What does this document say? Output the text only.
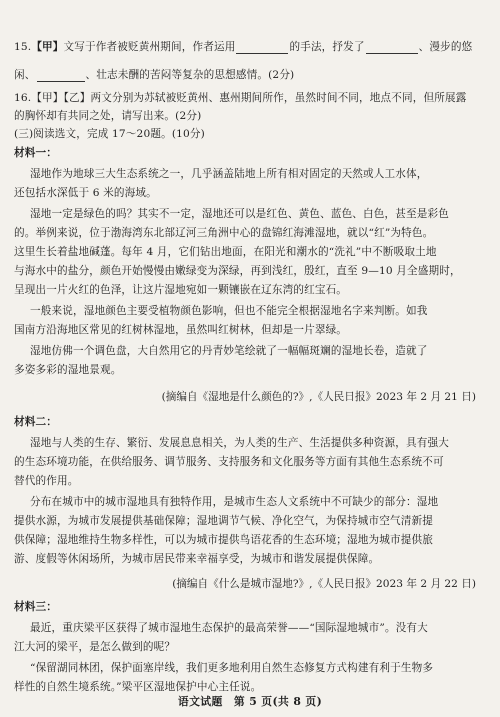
15.【甲】文写于作者被贬黄州期间，作者运用	的手法，抒发了	、漫步的悠
闲、	、壮志未酬的苦闷等复杂的思想感情。(2分)
16.【甲】【乙】两文分别为苏轼被贬黄州、惠州期间所作，虽然时间不同，地点不同，但所展露
的胸怀却有共同之处，请写出来。(2分)
(三)阅读选文，完成 17～20题。(10分)
材料一：
湿地作为地球三大生态系统之一，几乎涵盖陆地上所有相对固定的天然或人工水体，
还包括水深低于 6 米的海域。
湿地一定是绿色的吗？其实不一定，湿地还可以是红色、黄色、蓝色、白色，甚至是彩色
的。举例来说，位于渤海湾东北部辽河三角洲中心的盘锦红海滩湿地，就以“红”为特色。
这里生长着盐地碱蓬。每年 4 月，它们钻出地面，在阳光和潮水的“洗礼”中不断吸取土地
与海水中的盐分，颜色开始慢慢由嫩绿变为深绿，再到浅红，殷红，直至 9—10 月全盛期时，
呈现出一片火红的色泽，让这片湿地宛如一颗镶嵌在辽东湾的红宝石。
一般来说，湿地颜色主要受植物颜色影响，但也不能完全根据湿地名字来判断。如我
国南方沿海地区常见的红树林湿地，虽然叫红树林，但却是一片翠绿。
湿地仿佛一个调色盘，大自然用它的丹青妙笔绘就了一幅幅斑斓的湿地长卷，造就了
多姿多彩的湿地景观。
(摘编自《湿地是什么颜色的?》,《人民日报》2023 年 2 月 21 日)
材料二：
湿地与人类的生存、繁衍、发展息息相关，为人类的生产、生活提供多种资源，具有强大
的生态环境功能，在供给服务、调节服务、支持服务和文化服务等方面有其他生态系统不可
替代的作用。
分布在城市中的城市湿地具有独特作用，是城市生态人文系统中不可缺少的部分：湿地
提供水源，为城市发展提供基础保障；湿地调节气候、净化空气，为保持城市空气清新提
供保障；湿地维持生物多样性，可以为城市提供鸟语花香的生态环境；湿地为城市提供旅
游、度假等休闲场所，为城市居民带来幸福享受，为城市和谐发展提供保障。
(摘编自《什么是城市湿地?》,《人民日报》2023 年 2 月 22 日)
材料三：
最近，重庆梁平区获得了城市湿地生态保护的最高荣誉——“国际湿地城市”。没有大
江大河的梁平，是怎么做到的呢？
“保留湖同林团，保护面塞岸线，我们更多地利用自然生态修复方式构建有利于生物多
样性的自然生境系统。”梁平区湿地保护中心主任说。
语文试题　第 5 页(共 8 页)
